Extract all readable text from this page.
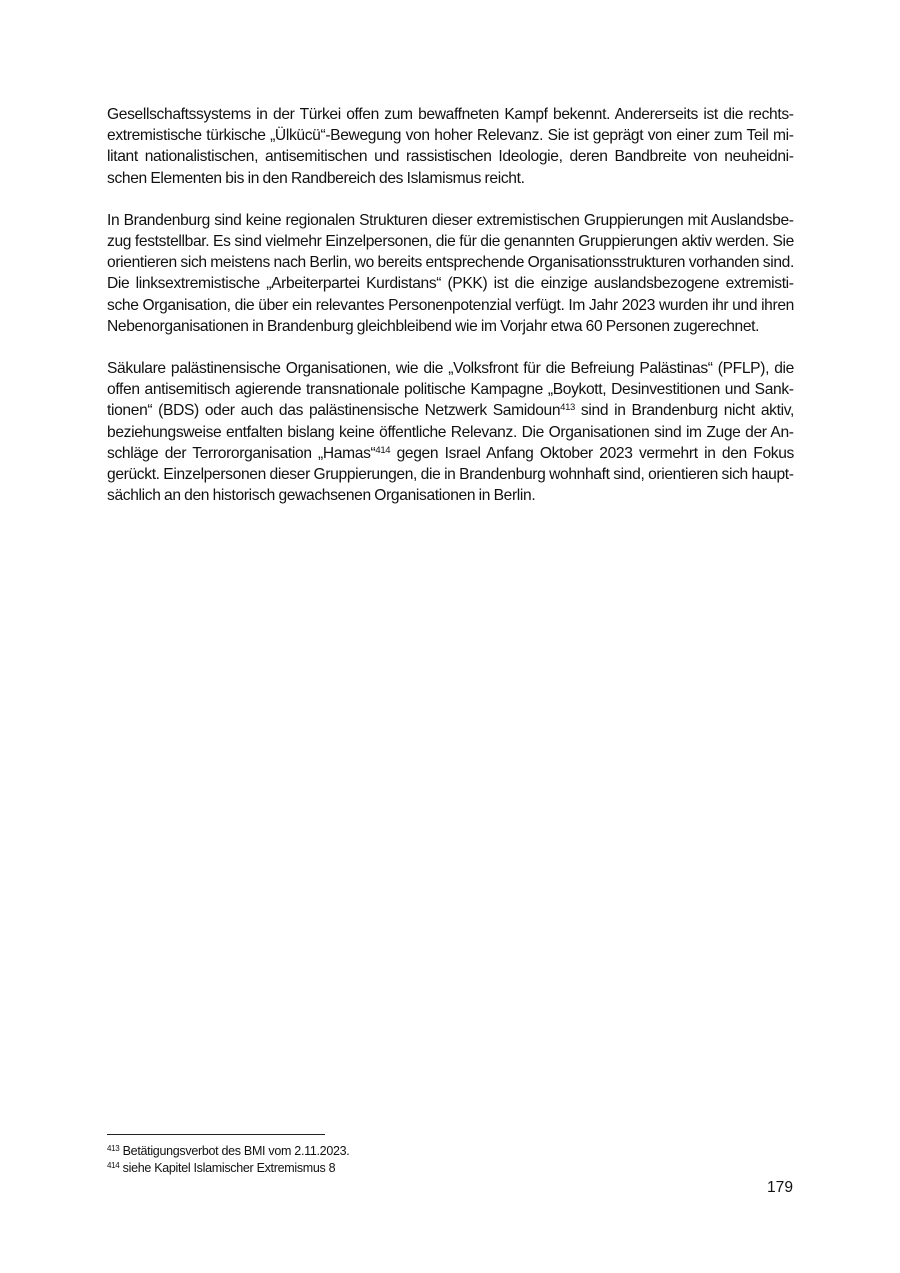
Gesellschaftssystems in der Türkei offen zum bewaffneten Kampf bekennt. Andererseits ist die rechtsextremistische türkische „Ülkücü“-Bewegung von hoher Relevanz. Sie ist geprägt von einer zum Teil militant nationalistischen, antisemitischen und rassistischen Ideologie, deren Bandbreite von neuheidnischen Elementen bis in den Randbereich des Islamismus reicht.

In Brandenburg sind keine regionalen Strukturen dieser extremistischen Gruppierungen mit Auslandsbezug feststellbar. Es sind vielmehr Einzelpersonen, die für die genannten Gruppierungen aktiv werden. Sie orientieren sich meistens nach Berlin, wo bereits entsprechende Organisationsstrukturen vorhanden sind. Die linksextremistische „Arbeiterpartei Kurdistans“ (PKK) ist die einzige auslandsbezogene extremistische Organisation, die über ein relevantes Personenpotenzial verfügt. Im Jahr 2023 wurden ihr und ihren Nebenorganisationen in Brandenburg gleichbleibend wie im Vorjahr etwa 60 Personen zugerechnet.

Säkulare palästinensische Organisationen, wie die „Volksfront für die Befreiung Palästinas“ (PFLP), die offen antisemitisch agierende transnationale politische Kampagne „Boykott, Desinvestitionen und Sanktionen“ (BDS) oder auch das palästinensische Netzwerk Samidoun$^{413}$ sind in Brandenburg nicht aktiv, beziehungsweise entfalten bislang keine öffentliche Relevanz. Die Organisationen sind im Zuge der Anschläge der Terrororganisation „Hamas“$^{414}$ gegen Israel Anfang Oktober 2023 vermehrt in den Fokus gerückt. Einzelpersonen dieser Gruppierungen, die in Brandenburg wohnhaft sind, orientieren sich hauptsächlich an den historisch gewachsenen Organisationen in Berlin.

$^{413}$ Betätigungsverbot des BMI vom 2.11.2023.

$^{414}$ siehe Kapitel Islamischer Extremismus 8

179
